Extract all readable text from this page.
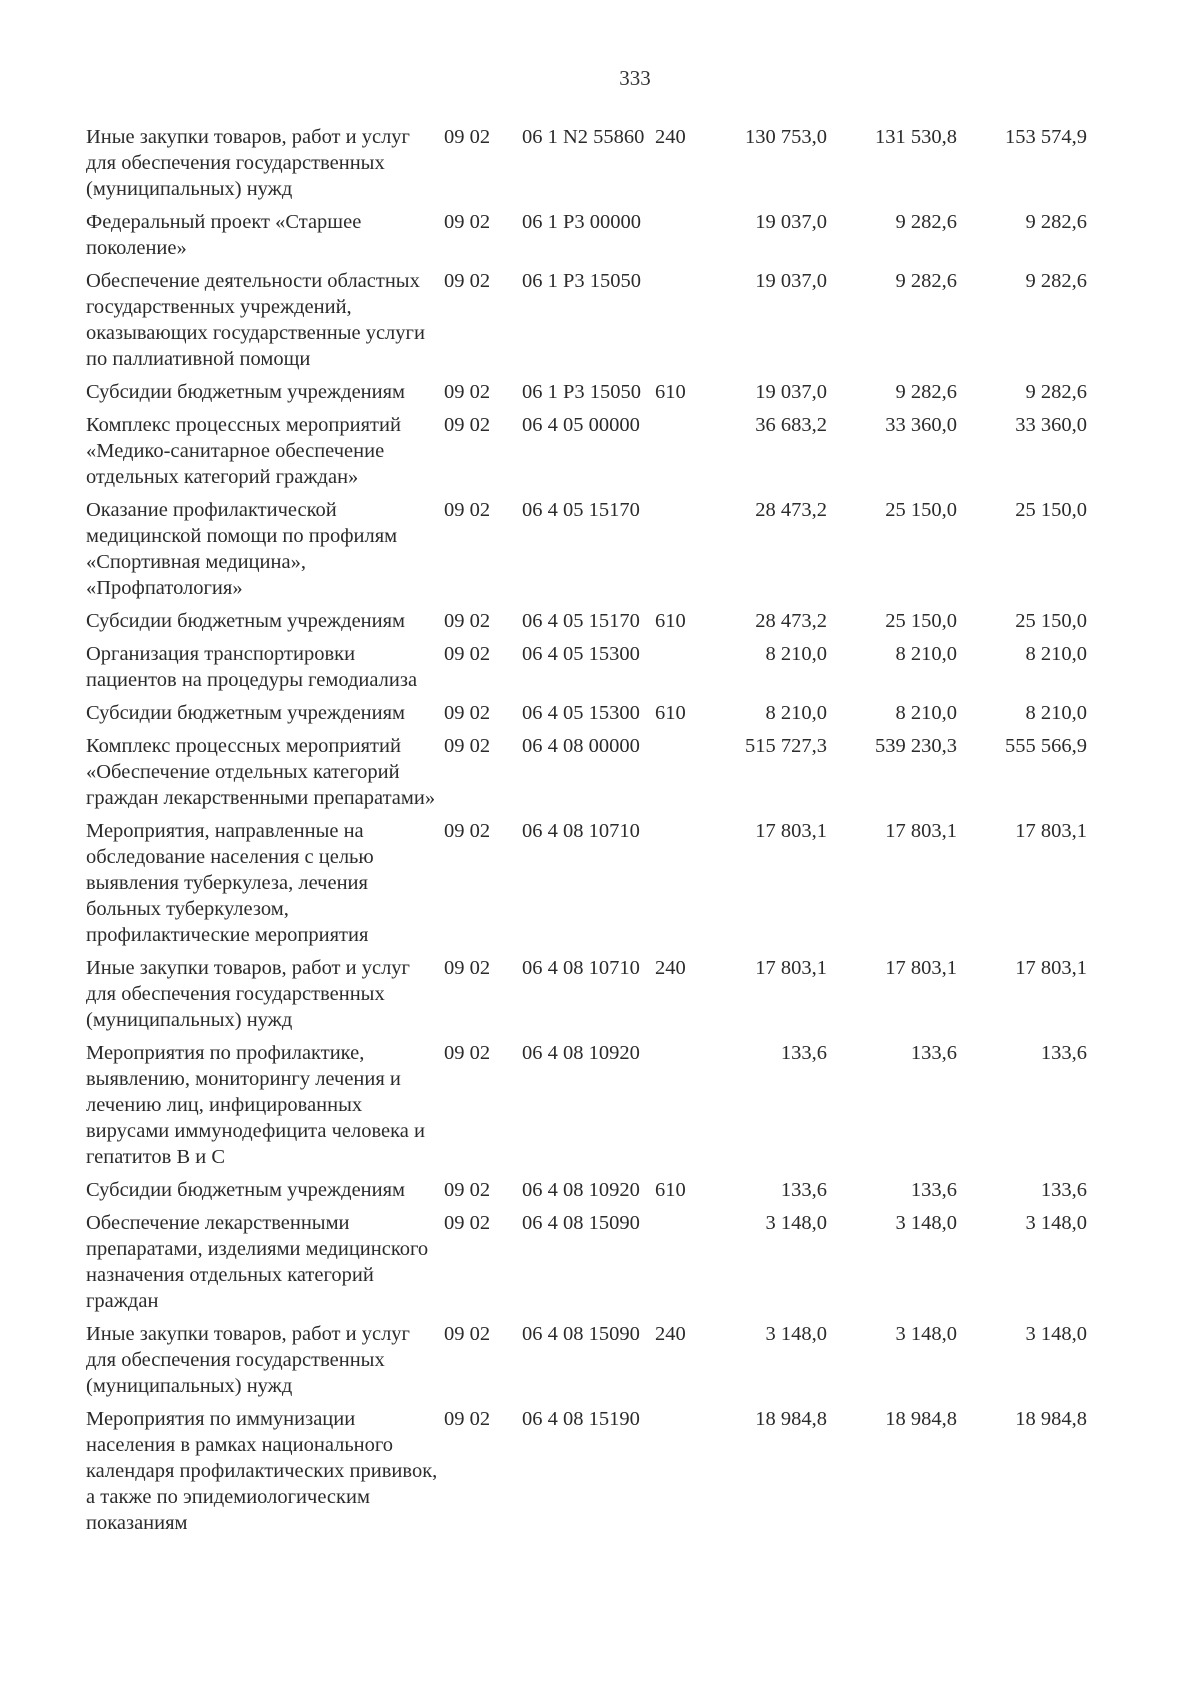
333
Иные закупки товаров, работ и услуг для обеспечения государственных (муниципальных) нужд	09 02	06 1 N2 55860	240	130 753,0	131 530,8	153 574,9
Федеральный проект «Старшее поколение»	09 02	06 1 Р3 00000		19 037,0	9 282,6	9 282,6
Обеспечение деятельности областных государственных учреждений, оказывающих государственные услуги по паллиативной помощи	09 02	06 1 Р3 15050		19 037,0	9 282,6	9 282,6
Субсидии бюджетным учреждениям	09 02	06 1 Р3 15050	610	19 037,0	9 282,6	9 282,6
Комплекс процессных мероприятий «Медико-санитарное обеспечение отдельных категорий граждан»	09 02	06 4 05 00000		36 683,2	33 360,0	33 360,0
Оказание профилактической медицинской помощи по профилям «Спортивная медицина», «Профпатология»	09 02	06 4 05 15170		28 473,2	25 150,0	25 150,0
Субсидии бюджетным учреждениям	09 02	06 4 05 15170	610	28 473,2	25 150,0	25 150,0
Организация транспортировки пациентов на процедуры гемодиализа	09 02	06 4 05 15300		8 210,0	8 210,0	8 210,0
Субсидии бюджетным учреждениям	09 02	06 4 05 15300	610	8 210,0	8 210,0	8 210,0
Комплекс процессных мероприятий «Обеспечение отдельных категорий граждан лекарственными препаратами»	09 02	06 4 08 00000		515 727,3	539 230,3	555 566,9
Мероприятия, направленные на обследование населения с целью выявления туберкулеза, лечения больных туберкулезом, профилактические мероприятия	09 02	06 4 08 10710		17 803,1	17 803,1	17 803,1
Иные закупки товаров, работ и услуг для обеспечения государственных (муниципальных) нужд	09 02	06 4 08 10710	240	17 803,1	17 803,1	17 803,1
Мероприятия по профилактике, выявлению, мониторингу лечения и лечению лиц, инфицированных вирусами иммунодефицита человека и гепатитов В и С	09 02	06 4 08 10920		133,6	133,6	133,6
Субсидии бюджетным учреждениям	09 02	06 4 08 10920	610	133,6	133,6	133,6
Обеспечение лекарственными препаратами, изделиями медицинского назначения отдельных категорий граждан	09 02	06 4 08 15090		3 148,0	3 148,0	3 148,0
Иные закупки товаров, работ и услуг для обеспечения государственных (муниципальных) нужд	09 02	06 4 08 15090	240	3 148,0	3 148,0	3 148,0
Мероприятия по иммунизации населения в рамках национального календаря профилактических прививок, а также по эпидемиологическим показаниям	09 02	06 4 08 15190		18 984,8	18 984,8	18 984,8
